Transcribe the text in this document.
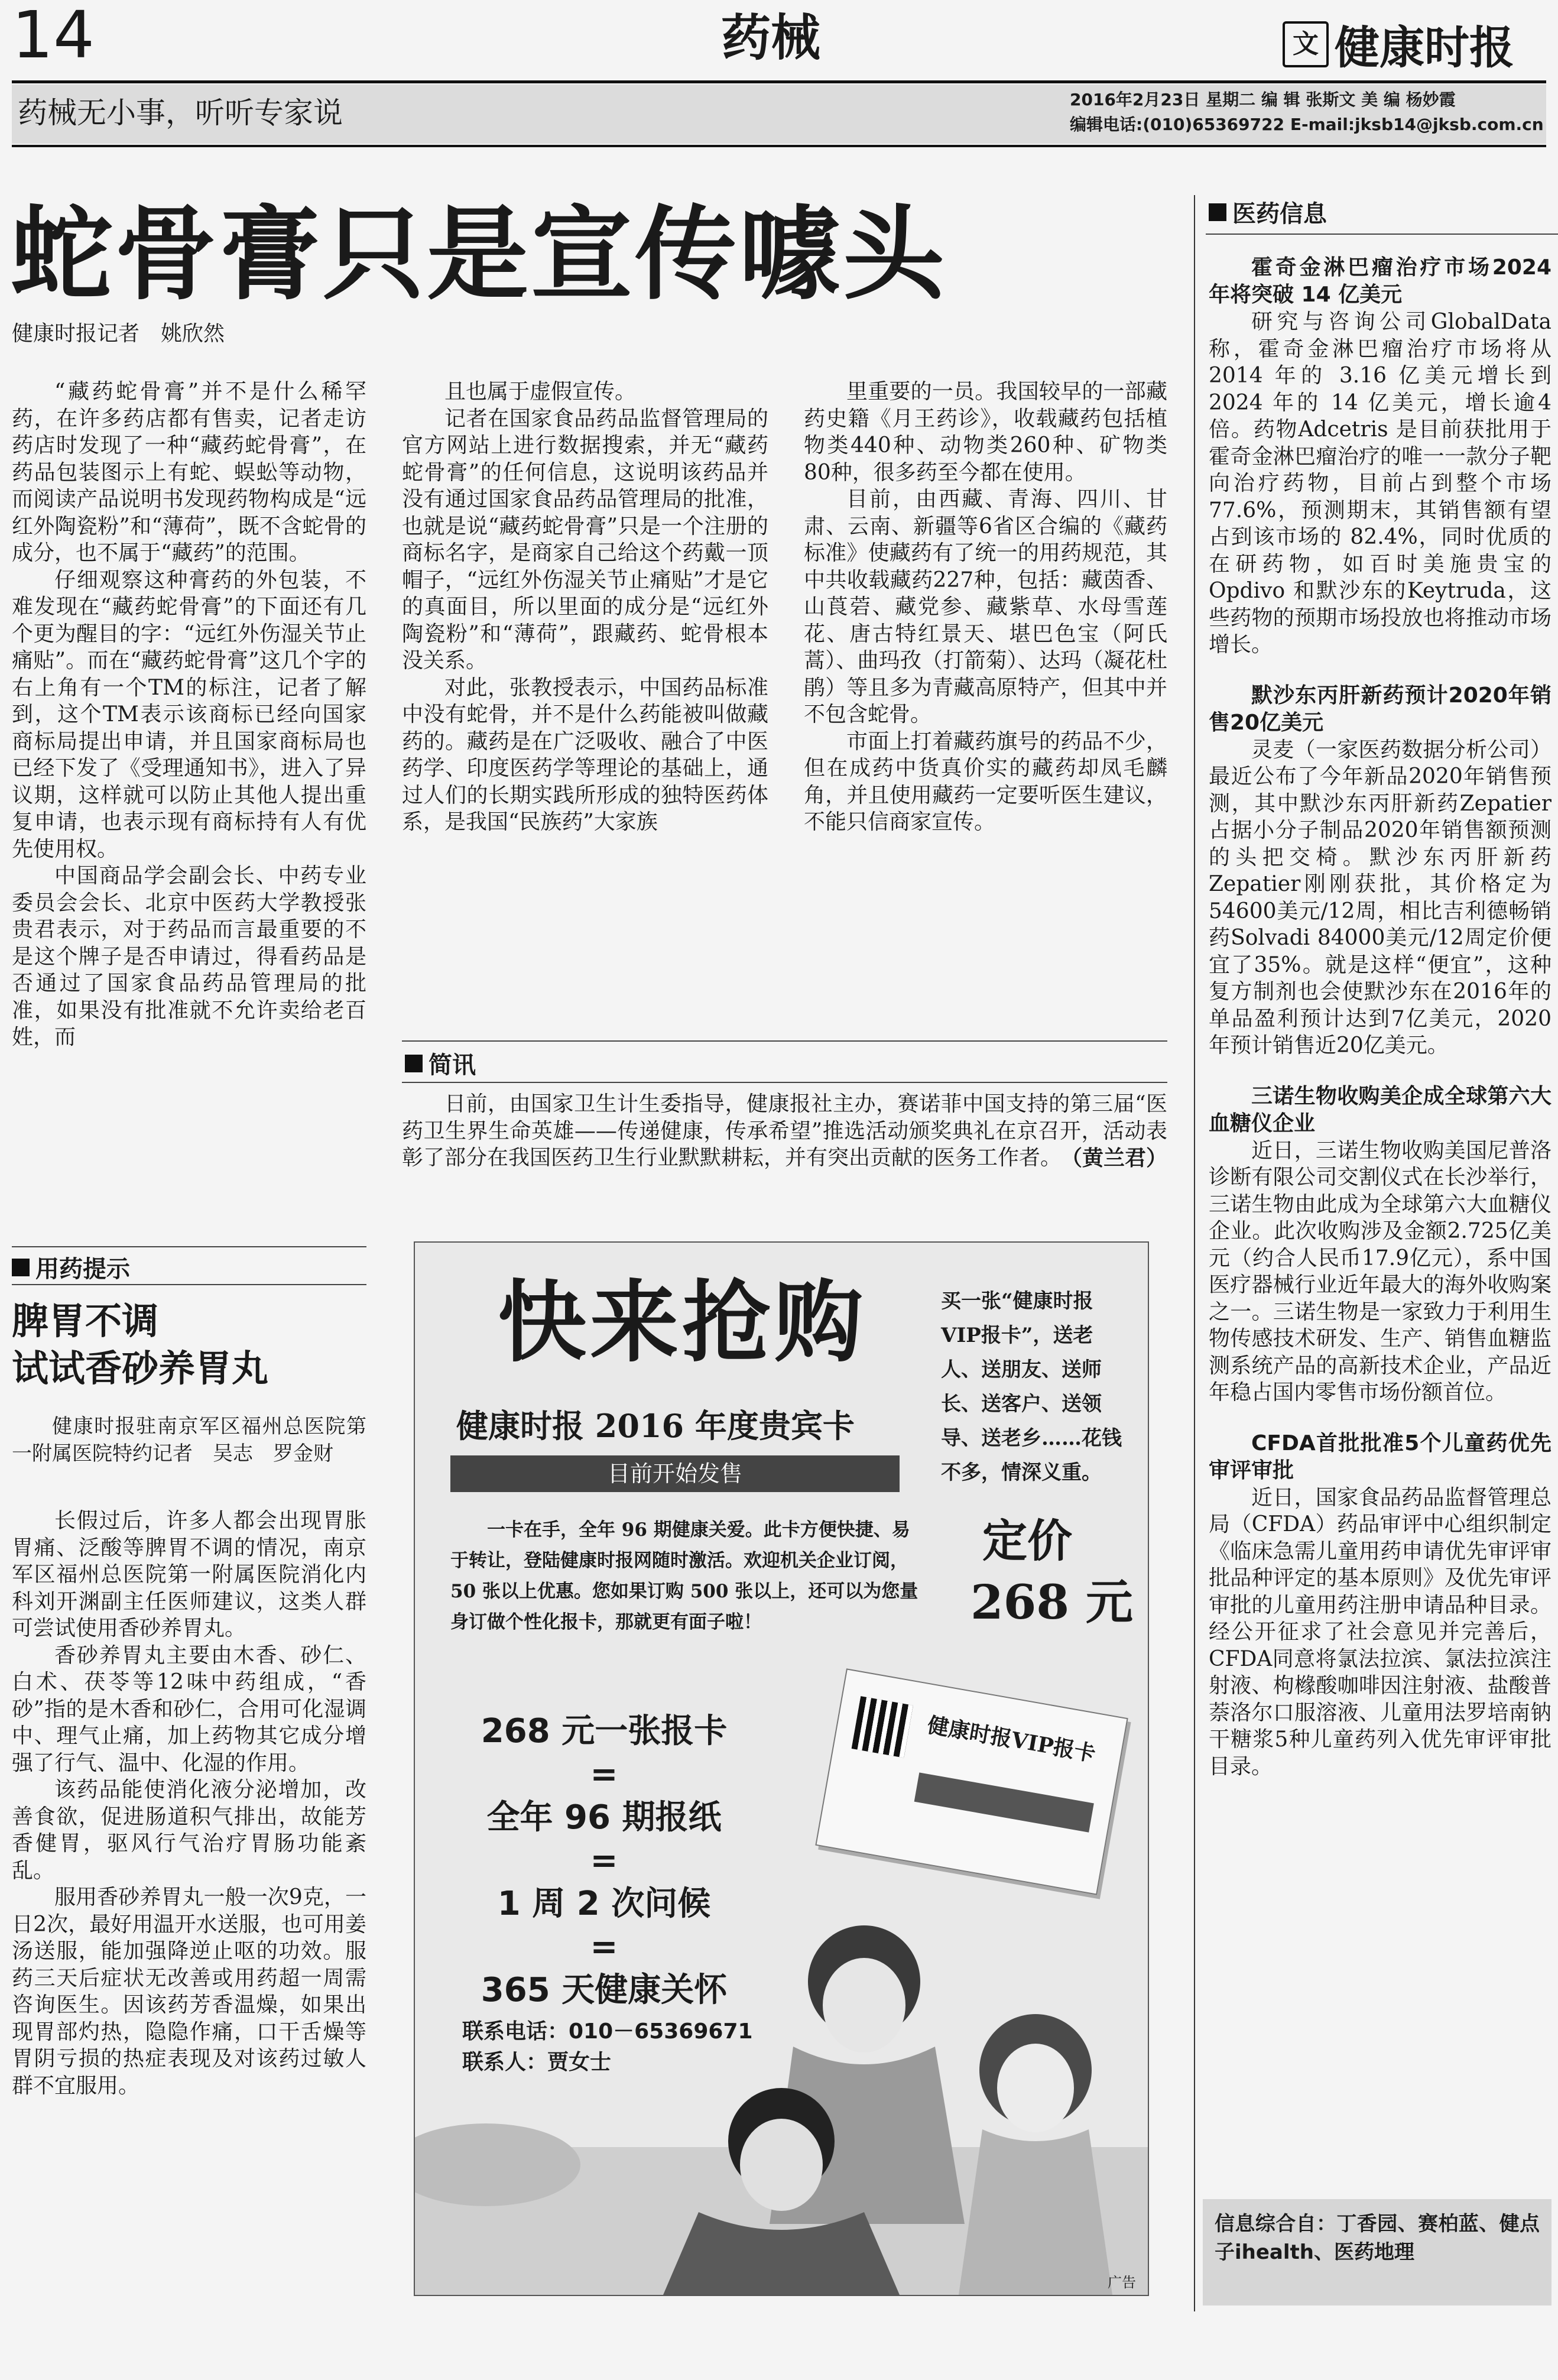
14	药械	文 健康时报
药械无小事，听听专家说	2016年2月23日 星期二 编 辑 张斯文 美 编 杨妙霞
编辑电话:(010)65369722 E-mail:jksb14@jksb.com.cn
蛇骨膏只是宣传噱头
健康时报记者　姚欣然

“藏药蛇骨膏”并不是什么稀罕药，在许多药店都有售卖，记者走访药店时发现了一种“藏药蛇骨膏”，在药品包装图示上有蛇、蜈蚣等动物，而阅读产品说明书发现药物构成是“远红外陶瓷粉”和“薄荷”，既不含蛇骨的成分，也不属于“藏药”的范围。

仔细观察这种膏药的外包装，不难发现在“藏药蛇骨膏”的下面还有几个更为醒目的字：“远红外伤湿关节止痛贴”。而在“藏药蛇骨膏”这几个字的右上角有一个TM的标注，记者了解到，这个TM表示该商标已经向国家商标局提出申请，并且国家商标局也已经下发了《受理通知书》，进入了异议期，这样就可以防止其他人提出重复申请，也表示现有商标持有人有优先使用权。

中国商品学会副会长、中药专业委员会会长、北京中医药大学教授张贵君表示，对于药品而言最重要的不是这个牌子是否申请过，得看药品是否通过了国家食品药品管理局的批准，如果没有批准就不允许卖给老百姓，而

且也属于虚假宣传。

记者在国家食品药品监督管理局的官方网站上进行数据搜索，并无“藏药蛇骨膏”的任何信息，这说明该药品并没有通过国家食品药品管理局的批准，也就是说“藏药蛇骨膏”只是一个注册的商标名字，是商家自己给这个药戴一顶帽子，“远红外伤湿关节止痛贴”才是它的真面目，所以里面的成分是“远红外陶瓷粉”和“薄荷”，跟藏药、蛇骨根本没关系。

对此，张教授表示，中国药品标准中没有蛇骨，并不是什么药能被叫做藏药的。藏药是在广泛吸收、融合了中医药学、印度医药学等理论的基础上，通过人们的长期实践所形成的独特医药体系，是我国“民族药”大家族

里重要的一员。我国较早的一部藏药史籍《月王药诊》，收载藏药包括植物类440种、动物类260种、矿物类80种，很多药至今都在使用。

目前，由西藏、青海、四川、甘肃、云南、新疆等6省区合编的《藏药标准》使藏药有了统一的用药规范，其中共收载藏药227种，包括：藏茵香、山莨菪、藏党参、藏紫草、水母雪莲花、唐古特红景天、堪巴色宝（阿氏蒿）、曲玛孜（打箭菊）、达玛（凝花杜鹃）等且多为青藏高原特产，但其中并不包含蛇骨。

市面上打着藏药旗号的药品不少，但在成药中货真价实的藏药却凤毛麟角，并且使用藏药一定要听医生建议，不能只信商家宣传。

简讯

日前，由国家卫生计生委指导，健康报社主办，赛诺菲中国支持的第三届“医药卫生界生命英雄——传递健康，传承希望”推选活动颁奖典礼在京召开，活动表彰了部分在我国医药卫生行业默默耕耘，并有突出贡献的医务工作者。

（黄兰君）
用药提示
脾胃不调
试试香砂养胃丸

健康时报驻南京军区福州总医院第一附属医院特约记者　吴志　罗金财

长假过后，许多人都会出现胃胀胃痛、泛酸等脾胃不调的情况，南京军区福州总医院第一附属医院消化内科刘开渊副主任医师建议，这类人群可尝试使用香砂养胃丸。

香砂养胃丸主要由木香、砂仁、白术、茯苓等12味中药组成，“香砂”指的是木香和砂仁，合用可化湿调中、理气止痛，加上药物其它成分增强了行气、温中、化湿的作用。

该药品能使消化液分泌增加，改善食欲，促进肠道积气排出，故能芳香健胃，驱风行气治疗胃肠功能紊乱。

服用香砂养胃丸一般一次9克，一日2次，最好用温开水送服，也可用姜汤送服，能加强降逆止呕的功效。服药三天后症状无改善或用药超一周需咨询医生。因该药芳香温燥，如果出现胃部灼热，隐隐作痛，口干舌燥等胃阴亏损的热症表现及对该药过敏人群不宜服用。

快来抢购
健康时报 2016 年度贵宾卡
目前开始发售
买一张“健康时报VIP报卡”，送老人、送朋友、送师长、送客户、送领导、送老乡……花钱不多，情深义重。
定价
268 元
一卡在手，全年 96 期健康关爱。此卡方便快捷、易于转让，登陆健康时报网随时激活。欢迎机关企业订阅，50 张以上优惠。您如果订购 500 张以上，还可以为您量身订做个性化报卡，那就更有面子啦！
268 元一张报卡
=
全年 96 期报纸
=
1 周 2 次问候
=
365 天健康关怀
联系电话：010－65369671
联系人：贾女士
健康时报VIP报卡
广告
医药信息
霍奇金淋巴瘤治疗市场2024 年将突破 14 亿美元

研究与咨询公司GlobalData称，霍奇金淋巴瘤治疗市场将从2014 年的 3.16 亿美元增长到2024 年的 14 亿美元，增长逾4倍。药物Adcetris 是目前获批用于霍奇金淋巴瘤治疗的唯一一款分子靶向治疗药物，目前占到整个市场 77.6%，预测期末，其销售额有望占到该市场的 82.4%，同时优质的在研药物，如百时美施贵宝的 Opdivo 和默沙东的Keytruda，这些药物的预期市场投放也将推动市场增长。

默沙东丙肝新药预计2020年销售20亿美元

灵麦（一家医药数据分析公司）最近公布了今年新品2020年销售预测，其中默沙东丙肝新药Zepatier占据小分子制品2020年销售额预测的头把交椅。默沙东丙肝新药Zepatier刚刚获批，其价格定为54600美元/12周，相比吉利德畅销药Solvadi 84000美元/12周定价便宜了35%。就是这样“便宜”，这种复方制剂也会使默沙东在2016年的单品盈利预计达到7亿美元，2020年预计销售近20亿美元。

三诺生物收购美企成全球第六大血糖仪企业

近日，三诺生物收购美国尼普洛诊断有限公司交割仪式在长沙举行，三诺生物由此成为全球第六大血糖仪企业。此次收购涉及金额2.725亿美元（约合人民币17.9亿元），系中国医疗器械行业近年最大的海外收购案之一。三诺生物是一家致力于利用生物传感技术研发、生产、销售血糖监测系统产品的高新技术企业，产品近年稳占国内零售市场份额首位。

CFDA首批批准5个儿童药优先审评审批

近日，国家食品药品监督管理总局（CFDA）药品审评中心组织制定《临床急需儿童用药申请优先审评审批品种评定的基本原则》及优先审评审批的儿童用药注册申请品种目录。经公开征求了社会意见并完善后，CFDA同意将氯法拉滨、氯法拉滨注射液、枸橼酸咖啡因注射液、盐酸普萘洛尔口服溶液、儿童用法罗培南钠干糖浆5种儿童药列入优先审评审批目录。

信息综合自：丁香园、赛柏蓝、健点子ihealth、医药地理
